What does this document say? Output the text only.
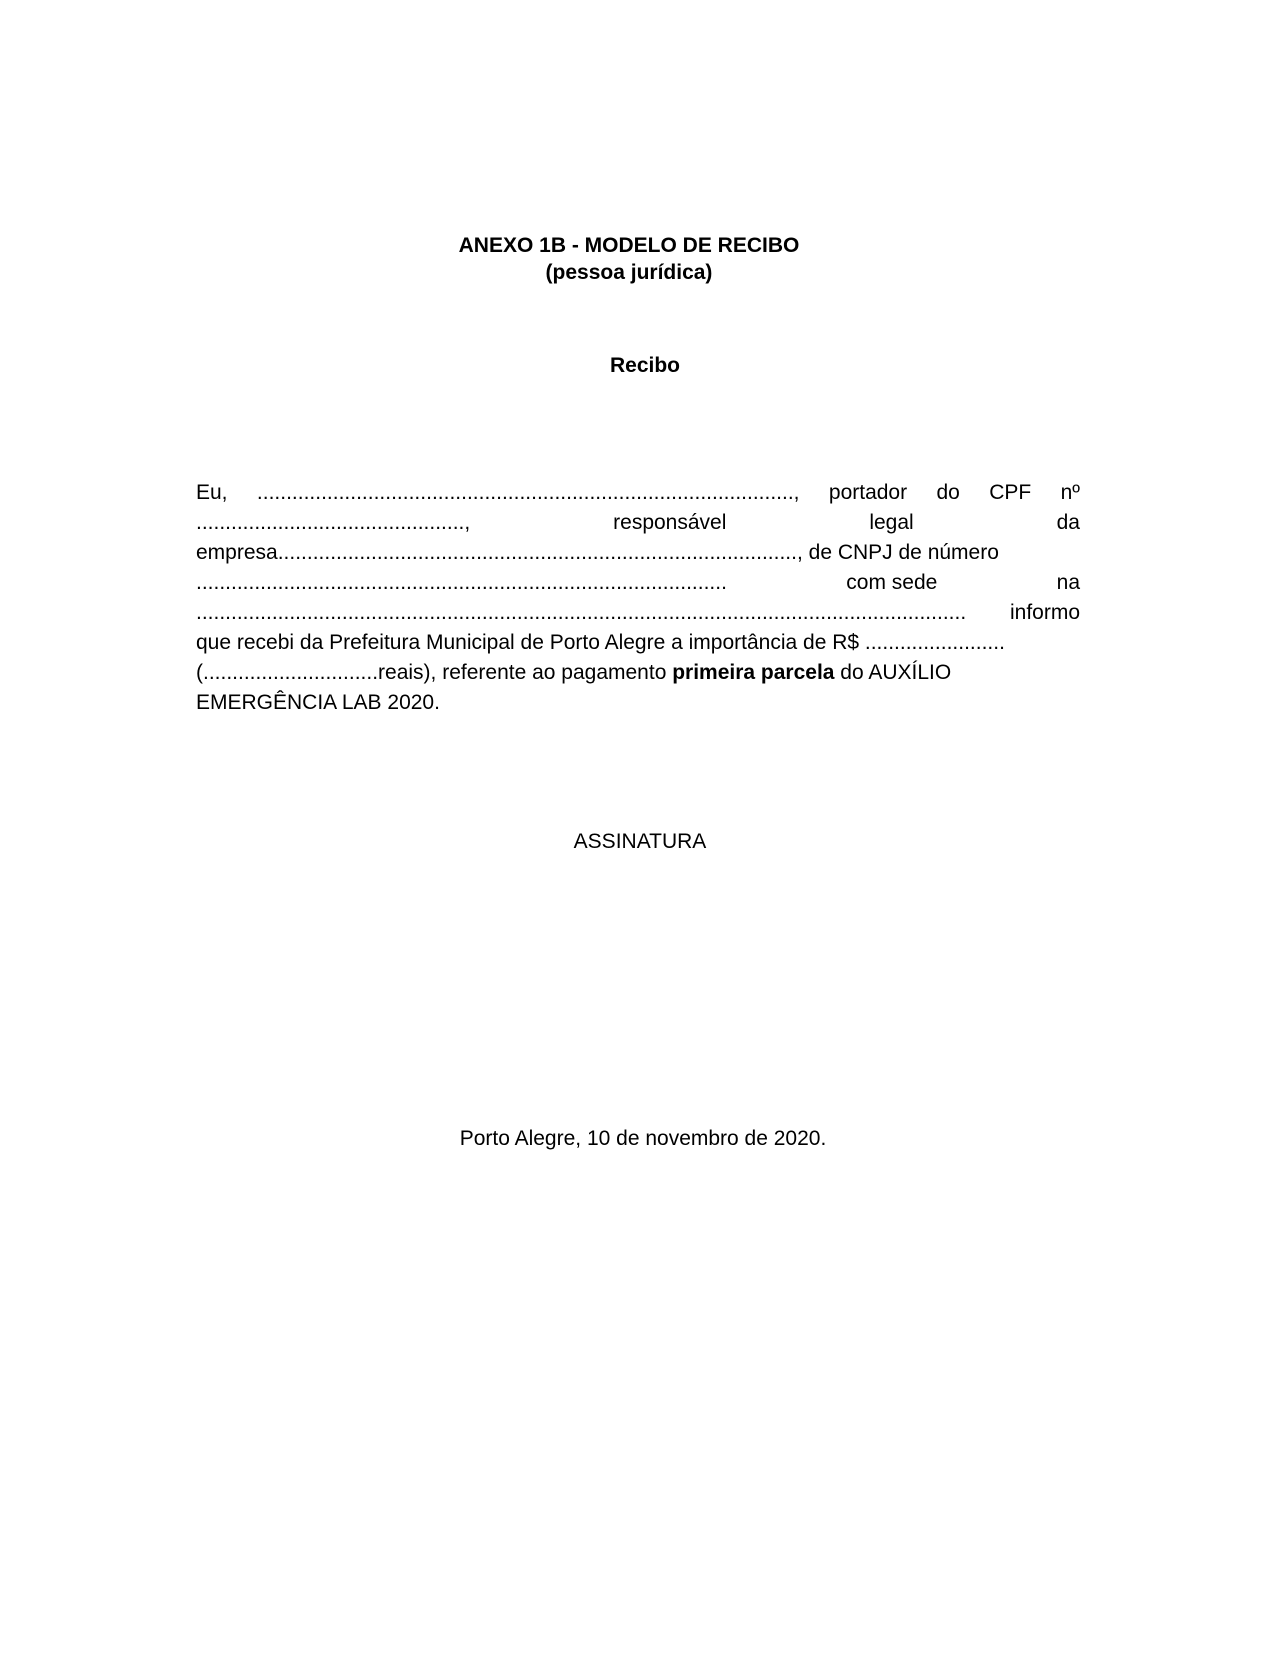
ANEXO 1B - MODELO DE RECIBO
(pessoa jurídica)
Recibo
Eu, ............................................................................................, portador do CPF nº
..............................................,	responsável	legal	da
empresa........................................................................................., de CNPJ de número
...........................................................................................	com sede	na
.................................................................................................................................... informo
que recebi da Prefeitura Municipal de Porto Alegre a importância de R$ ........................
(..............................reais), referente ao pagamento primeira parcela do AUXÍLIO
EMERGÊNCIA LAB 2020.
ASSINATURA
Porto Alegre, 10 de novembro de 2020.
